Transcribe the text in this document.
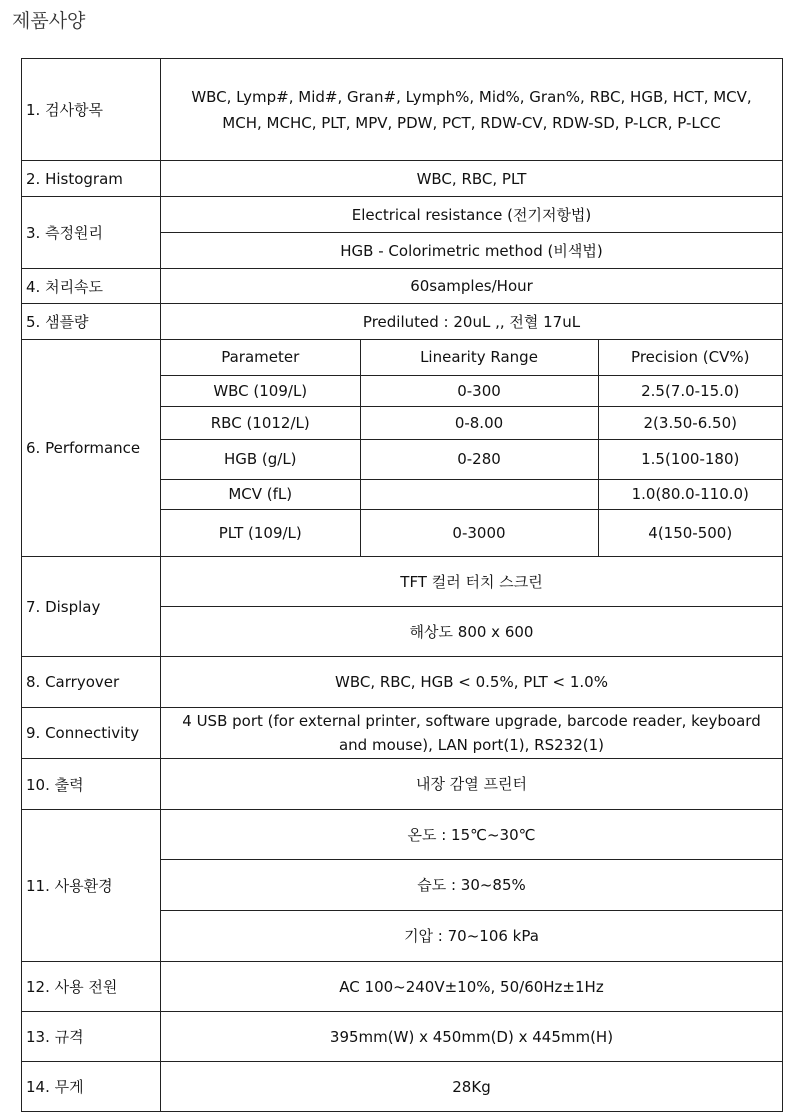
제품사양
1. 검사항목	WBC, Lymp#, Mid#, Gran#, Lymph%, Mid%, Gran%, RBC, HGB, HCT, MCV, MCH, MCHC, PLT, MPV, PDW, PCT, RDW-CV, RDW-SD, P-LCR, P-LCC
2. Histogram	WBC, RBC, PLT
3. 측정원리	Electrical resistance (전기저항법)
HGB - Colorimetric method (비색법)
4. 처리속도	60samples/Hour
5. 샘플량	Prediluted : 20uL ,, 전혈 17uL
6. Performance	
Parameter	Linearity Range	Precision (CV%)
WBC (109/L)	0-300	2.5(7.0-15.0)
RBC (1012/L)	0-8.00	2(3.50-6.50)
HGB (g/L)	0-280	1.5(100-180)
MCV (fL)		1.0(80.0-110.0)
PLT (109/L)	0-3000	4(150-500)

7. Display	TFT 컬러 터치 스크린
해상도 800 x 600
8. Carryover	WBC, RBC, HGB < 0.5%, PLT < 1.0%
9. Connectivity	4 USB port (for external printer, software upgrade, barcode reader, keyboard and mouse), LAN port(1), RS232(1)
10. 출력	내장 감열 프린터
11. 사용환경	온도 : 15℃~30℃
습도 : 30~85%
기압 : 70~106 kPa
12. 사용 전원	AC 100~240V±10%, 50/60Hz±1Hz
13. 규격	395mm(W) x 450mm(D) x 445mm(H)
14. 무게	28Kg
